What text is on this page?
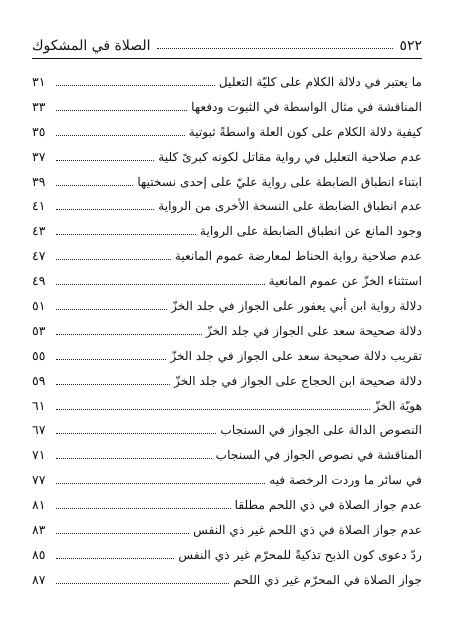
٥٢٢
الصلاة في المشكوك
ما يعتبر في دلالة الكلام على كليّة التعليل
٣١
المناقشة في مثال الواسطة في الثبوت ودفعها
٣٣
كيفية دلالة الكلام على كون العلة واسطةً ثبوتية
٣٥
عدم صلاحية التعليل في رواية مقاتل لكونه كبرىً كلية
٣٧
ابتناء انطباق الضابطة على رواية عليّ على إحدى نسختيها
٣٩
عدم انطباق الضابطة على النسخة الأخرى من الرواية
٤١
وجود المانع عن انطباق الضابطة على الرواية
٤٣
عدم صلاحية رواية الحناط لمعارضة عموم المانعية
٤٧
استثناء الخزّ عن عموم المانعية
٤٩
دلالة رواية ابن أبي يعفور على الجواز في جلد الخزّ
٥١
دلالة صحيحة سعد على الجواز في جلد الخزّ
٥٣
تقريب دلالة صحيحة سعد على الجواز في جلد الخزّ
٥٥
دلالة صحيحة ابن الحجاج على الجواز في جلد الخزّ
٥٩
هويّة الخزّ
٦١
النصوص الدالة على الجواز في السنجاب
٦٧
المناقشة في نصوص الجواز في السنجاب
٧١
في سائر ما وردت الرخصة فيه
٧٧
عدم جواز الصلاة في ذي اللحم مطلقا
٨١
عدم جواز الصلاة في ذي اللحم غير ذي النفس
٨٣
ردّ دعوى كون الذبح تذكيةً للمحرّم غير ذي النفس
٨٥
جواز الصلاة في المحرّم غير ذي اللحم
٨٧
